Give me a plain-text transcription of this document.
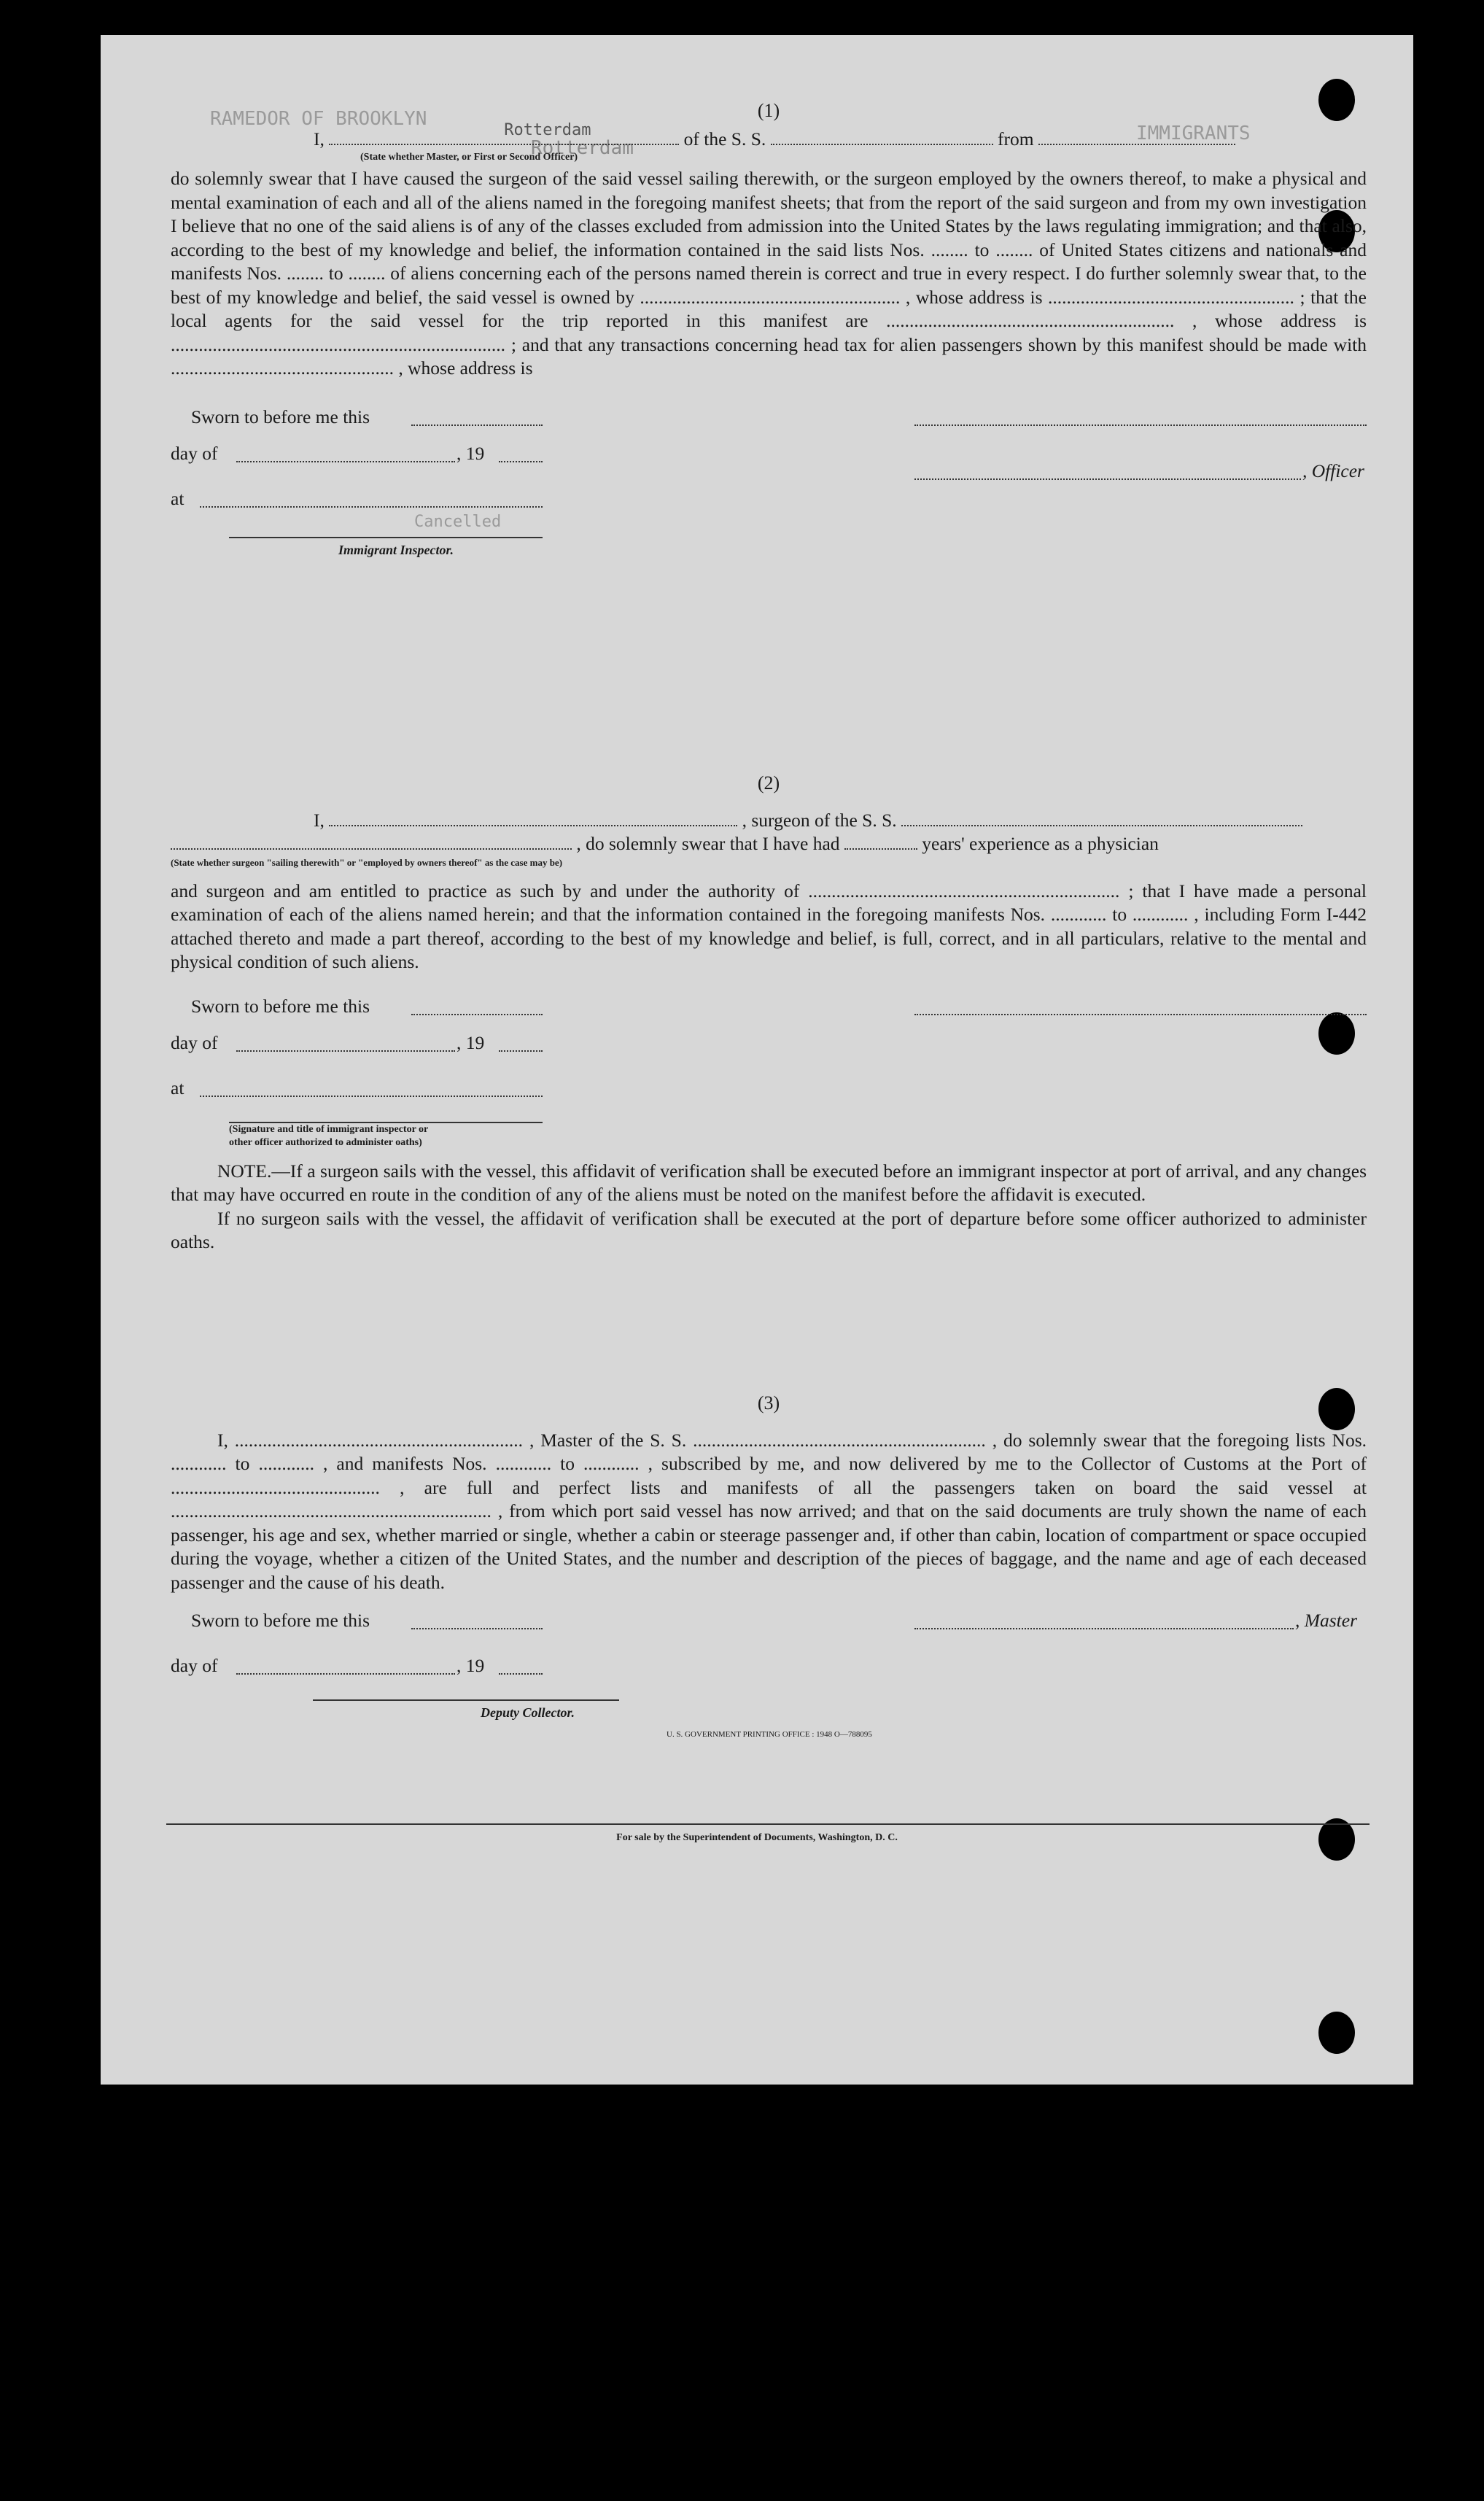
RAMEDOR OF BROOKLYN
Rotterdam
IMMIGRANTS
Cancelled
(1)
I,	Rotterdam	of the S. S.	from
(State whether Master, or First or Second Officer)
do solemnly swear that I have caused the surgeon of the said vessel sailing therewith, or the surgeon employed by the owners thereof, to make a physical and mental examination of each and all of the aliens named in the foregoing manifest sheets; that from the report of the said surgeon and from my own investigation I believe that no one of the said aliens is of any of the classes excluded from admission into the United States by the laws regulating immigration; and that also, according to the best of my knowledge and belief, the information contained in the said lists Nos. ........ to ........ of United States citizens and nationals and manifests Nos. ........ to ........ of aliens concerning each of the persons named therein is correct and true in every respect. I do further solemnly swear that, to the best of my knowledge and belief, the said vessel is owned by ........................................................ , whose address is ..................................................... ; that the local agents for the said vessel for the trip reported in this manifest are .............................................................. , whose address is ........................................................................ ; and that any transactions concerning head tax for alien passengers shown by this manifest should be made with ................................................ , whose address is
Sworn to before me this
day of	, 19
, Officer
at
Immigrant Inspector.
(2)
I,	, surgeon of the S. S.
, do solemnly swear that I have had	years' experience as a physician
(State whether surgeon "sailing therewith" or "employed by owners thereof" as the case may be)
and surgeon and am entitled to practice as such by and under the authority of ................................................................... ; that I have made a personal examination of each of the aliens named herein; and that the information contained in the foregoing manifests Nos. ............ to ............ , including Form I-442 attached thereto and made a part thereof, according to the best of my knowledge and belief, is full, correct, and in all particulars, relative to the mental and physical condition of such aliens.
Sworn to before me this
day of	, 19
at
(Signature and title of immigrant inspector or
other officer authorized to administer oaths)
NOTE.—If a surgeon sails with the vessel, this affidavit of verification shall be executed before an immigrant inspector at port of arrival, and any changes that may have occurred en route in the condition of any of the aliens must be noted on the manifest before the affidavit is executed.
If no surgeon sails with the vessel, the affidavit of verification shall be executed at the port of departure before some officer authorized to administer oaths.
(3)
I, .............................................................. , Master of the S. S. ............................................................... , do solemnly swear that the foregoing lists Nos. ............ to ............ , and manifests Nos. ............ to ............ , subscribed by me, and now delivered by me to the Collector of Customs at the Port of ............................................. , are full and perfect lists and manifests of all the passengers taken on board the said vessel at ..................................................................... , from which port said vessel has now arrived; and that on the said documents are truly shown the name of each passenger, his age and sex, whether married or single, whether a cabin or steerage passenger and, if other than cabin, location of compartment or space occupied during the voyage, whether a citizen of the United States, and the number and description of the pieces of baggage, and the name and age of each deceased passenger and the cause of his death.
Sworn to before me this	, Master
day of	, 19
Deputy Collector.
U. S. GOVERNMENT PRINTING OFFICE : 1948 O—788095
For sale by the Superintendent of Documents, Washington, D. C.
